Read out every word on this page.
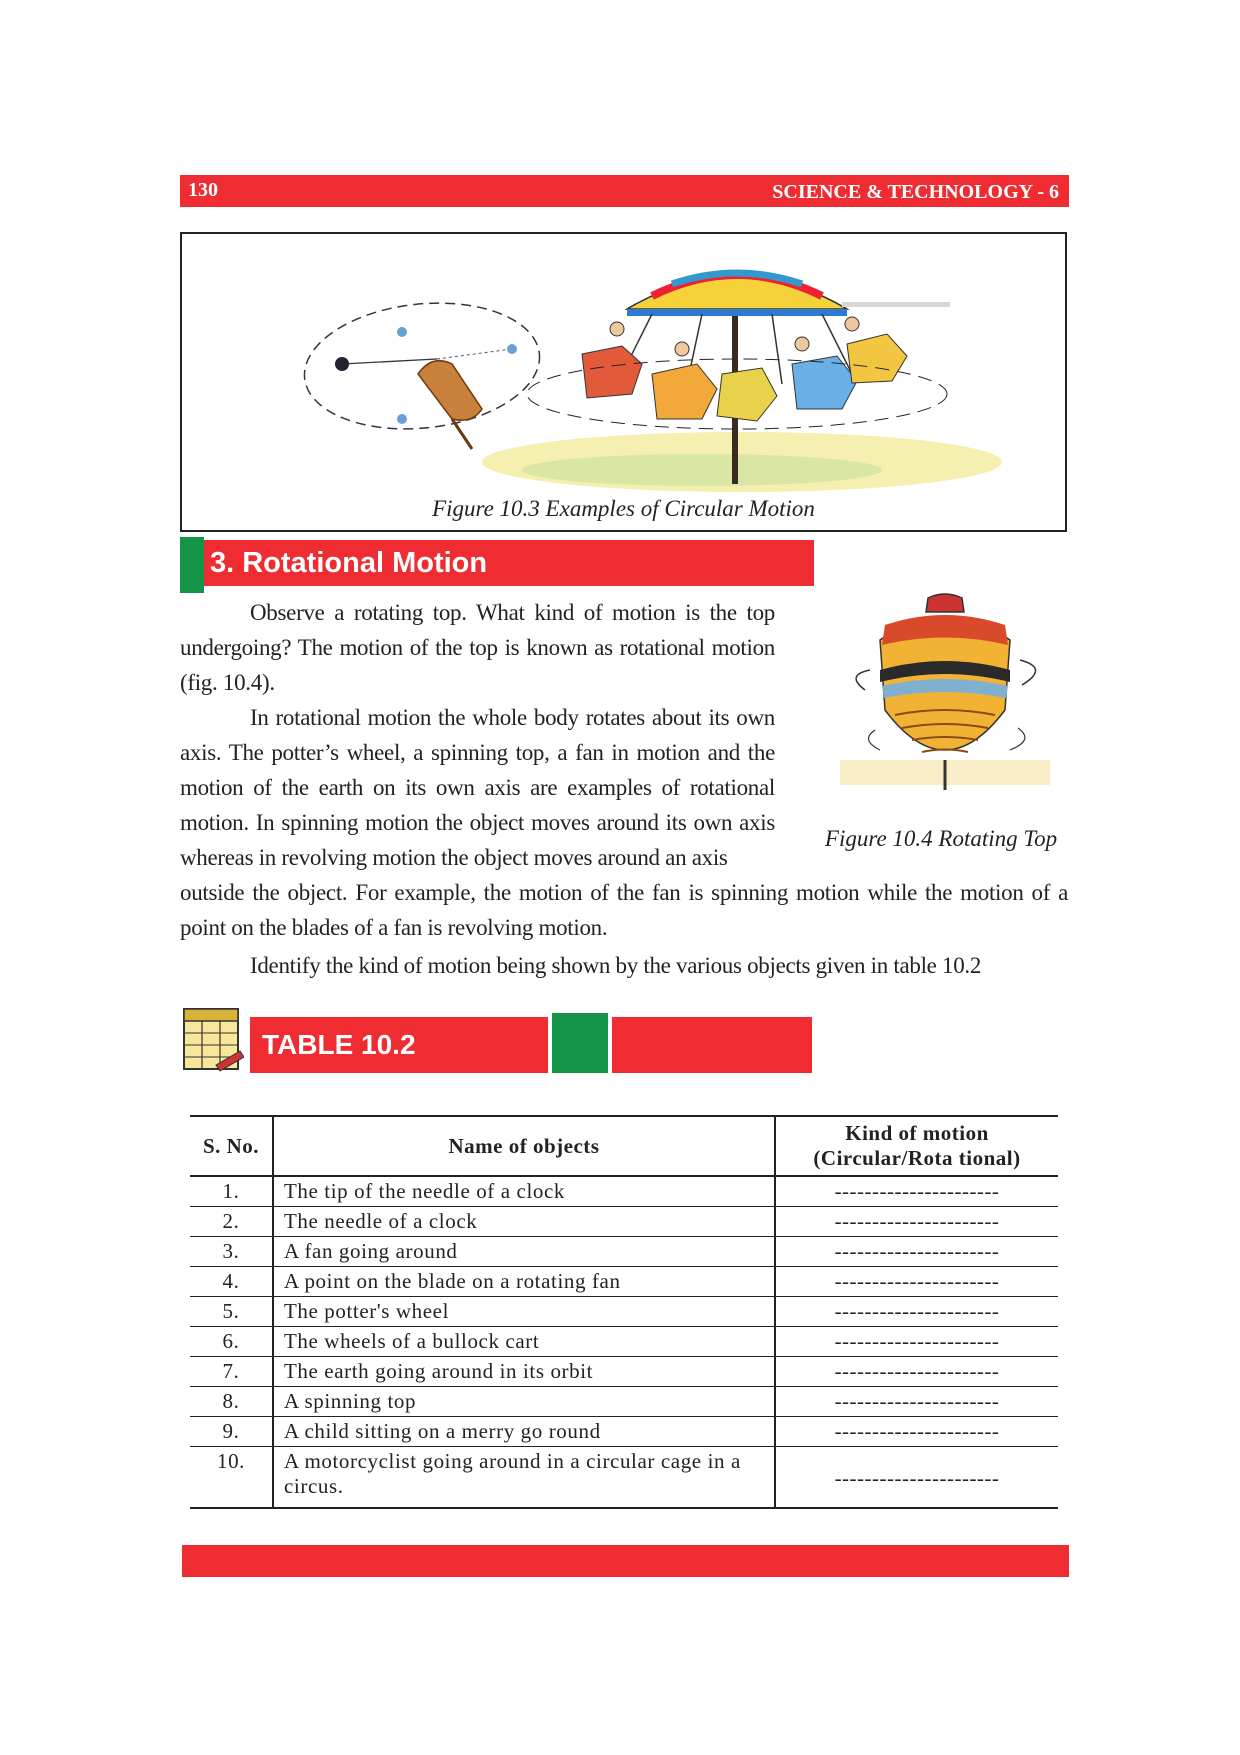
130	SCIENCE & TECHNOLOGY - 6
Figure 10.3 Examples of Circular Motion
3. Rotational Motion
Observe a rotating top. What kind of motion is the top undergoing? The motion of the top is known as rotational motion (fig. 10.4).
In rotational motion the whole body rotates about its own axis. The potter’s wheel, a spinning top, a fan in motion and the motion of the earth on its own axis are examples of rotational motion. In spinning motion the object moves around its own axis whereas in revolving motion the object moves around an axis
outside the object. For example, the motion of the fan is spinning motion while the motion of a point on the blades of a fan is revolving motion.
Identify the kind of motion being shown by the various objects given in table 10.2
Figure 10.4 Rotating Top
TABLE 10.2
S. No.	Name of objects	Kind of motion
(Circular/Rota tional)

1.	The tip of the needle of a clock	----------------------
2.	The needle of a clock	----------------------
3.	A fan going around	----------------------
4.	A point on the blade on a rotating fan	----------------------
5.	The potter's wheel	----------------------
6.	The wheels of a bullock cart	----------------------
7.	The earth going around in its orbit	----------------------
8.	A spinning top	----------------------
9.	A child sitting on a merry go round	----------------------
10.	A motorcyclist going around in a circular cage in a circus.	----------------------
